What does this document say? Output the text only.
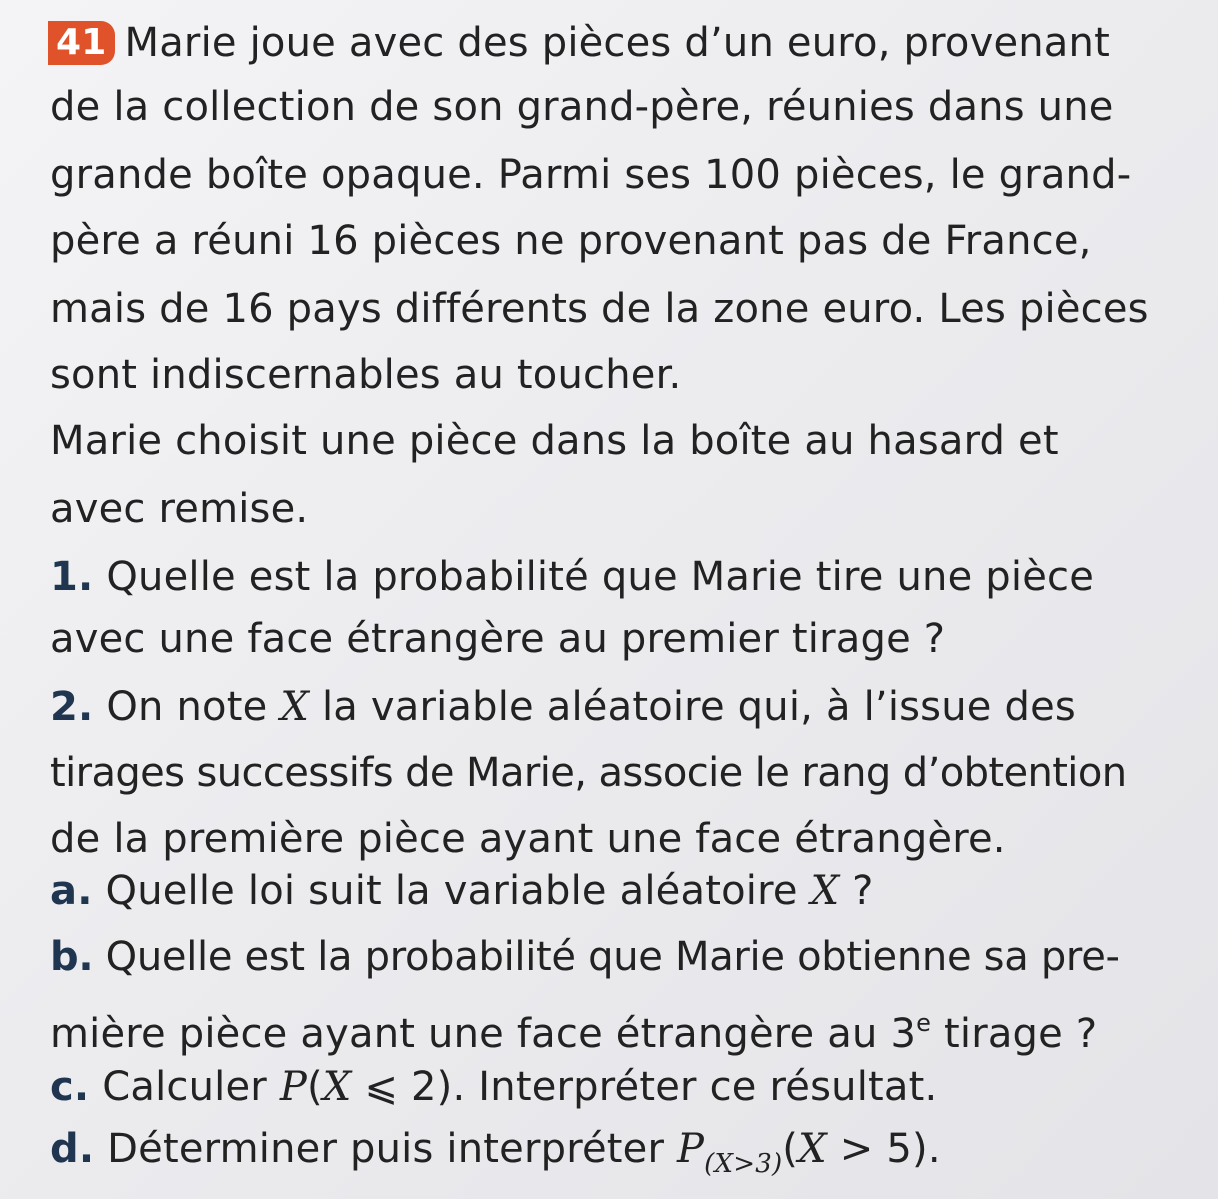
41 Marie joue avec des pièces d’un euro, provenant
de la collection de son grand-père, réunies dans une
grande boîte opaque. Parmi ses 100 pièces, le grand-
père a réuni 16 pièces ne provenant pas de France,
mais de 16 pays différents de la zone euro. Les pièces
sont indiscernables au toucher.
Marie choisit une pièce dans la boîte au hasard et
avec remise.
1. Quelle est la probabilité que Marie tire une pièce
avec une face étrangère au premier tirage ?
2. On note X la variable aléatoire qui, à l’issue des
tirages successifs de Marie, associe le rang d’obtention
de la première pièce ayant une face étrangère.
a. Quelle loi suit la variable aléatoire X ?
b. Quelle est la probabilité que Marie obtienne sa pre-
mière pièce ayant une face étrangère au 3e tirage ?
c. Calculer P(X ⩽ 2). Interpréter ce résultat.
d. Déterminer puis interpréter $P_{(X>3)}(X > 5)$.
